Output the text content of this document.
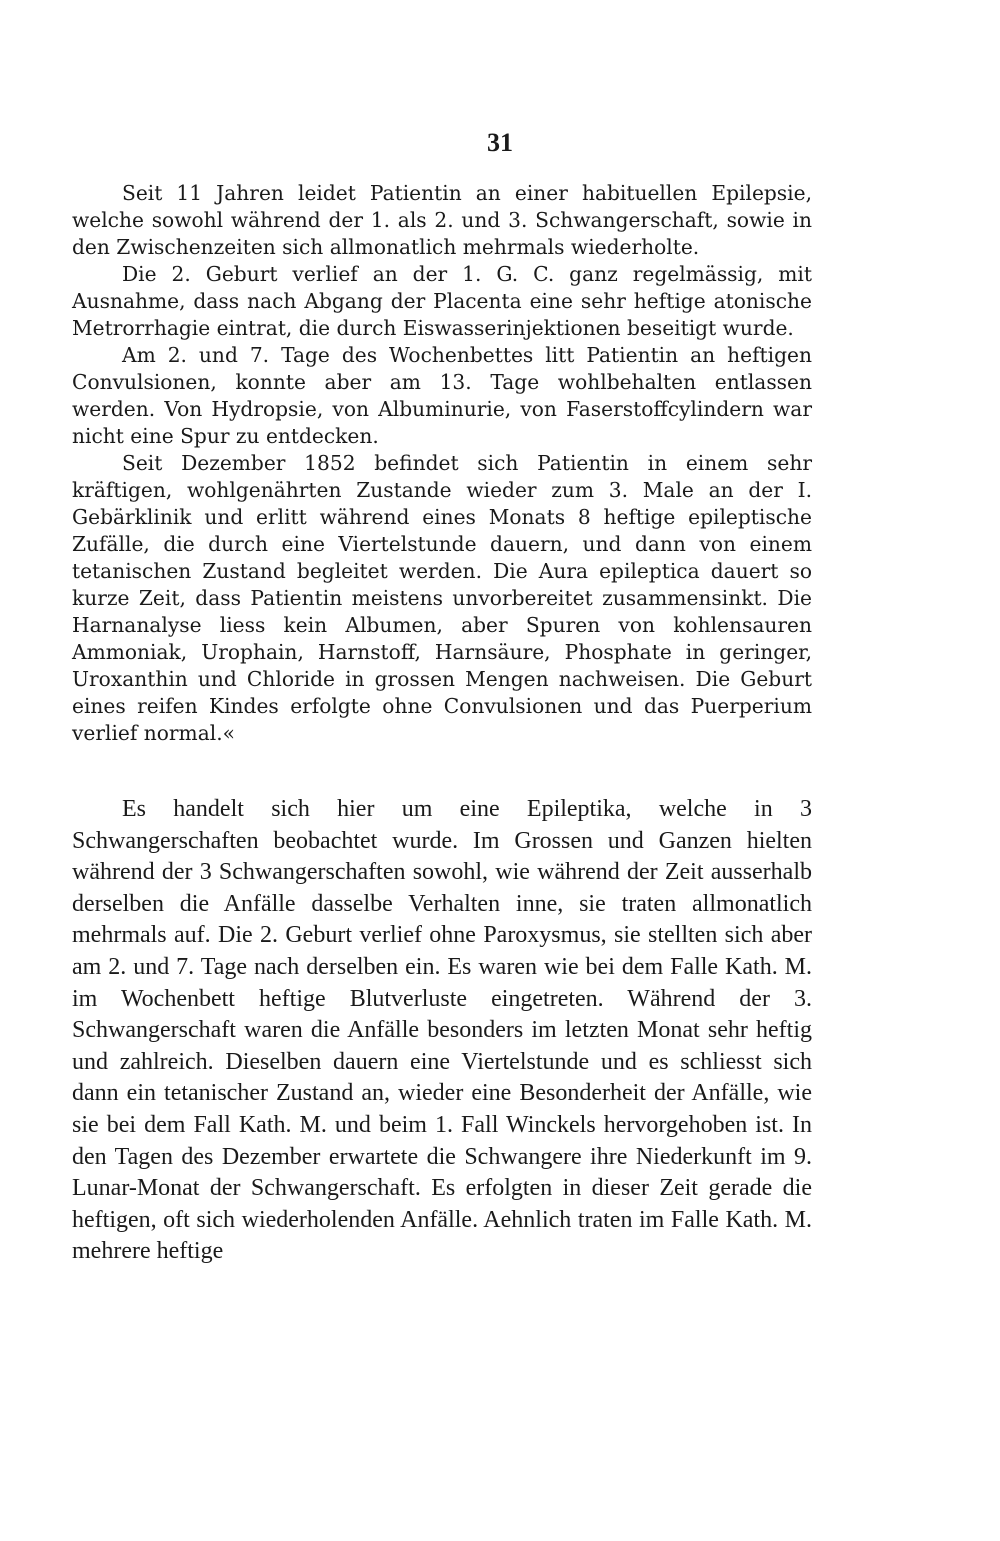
31

Seit 11 Jahren leidet Patientin an einer habituellen Epilepsie, welche sowohl während der 1. als 2. und 3. Schwangerschaft, sowie in den Zwischenzeiten sich allmonatlich mehrmals wiederholte.

Die 2. Geburt verlief an der 1. G. C. ganz regelmässig, mit Ausnahme, dass nach Abgang der Placenta eine sehr heftige atonische Metrorrhagie eintrat, die durch Eiswasserinjektionen beseitigt wurde.

Am 2. und 7. Tage des Wochenbettes litt Patientin an heftigen Convulsionen, konnte aber am 13. Tage wohlbehalten entlassen werden. Von Hydropsie, von Albuminurie, von Faserstoffcylindern war nicht eine Spur zu entdecken.

Seit Dezember 1852 befindet sich Patientin in einem sehr kräftigen, wohlgenährten Zustande wieder zum 3. Male an der I. Gebärklinik und erlitt während eines Monats 8 heftige epileptische Zufälle, die durch eine Viertelstunde dauern, und dann von einem tetanischen Zustand begleitet werden. Die Aura epileptica dauert so kurze Zeit, dass Patientin meistens unvorbereitet zusammensinkt. Die Harnanalyse liess kein Albumen, aber Spuren von kohlensauren Ammoniak, Urophain, Harnstoff, Harnsäure, Phosphate in geringer, Uroxanthin und Chloride in grossen Mengen nachweisen. Die Geburt eines reifen Kindes erfolgte ohne Convulsionen und das Puerperium verlief normal.«

Es handelt sich hier um eine Epileptika, welche in 3 Schwangerschaften beobachtet wurde. Im Grossen und Ganzen hielten während der 3 Schwangerschaften sowohl, wie während der Zeit ausserhalb derselben die Anfälle dasselbe Verhalten inne, sie traten allmonatlich mehrmals auf. Die 2. Geburt verlief ohne Paroxysmus, sie stellten sich aber am 2. und 7. Tage nach derselben ein. Es waren wie bei dem Falle Kath. M. im Wochenbett heftige Blutverluste eingetreten. Während der 3. Schwangerschaft waren die Anfälle besonders im letzten Monat sehr heftig und zahlreich. Dieselben dauern eine Viertelstunde und es schliesst sich dann ein tetanischer Zustand an, wieder eine Besonderheit der Anfälle, wie sie bei dem Fall Kath. M. und beim 1. Fall Winckels hervorgehoben ist. In den Tagen des Dezember erwartete die Schwangere ihre Niederkunft im 9. Lunar-Monat der Schwangerschaft. Es erfolgten in dieser Zeit gerade die heftigen, oft sich wiederholenden Anfälle. Aehnlich traten im Falle Kath. M. mehrere heftige
